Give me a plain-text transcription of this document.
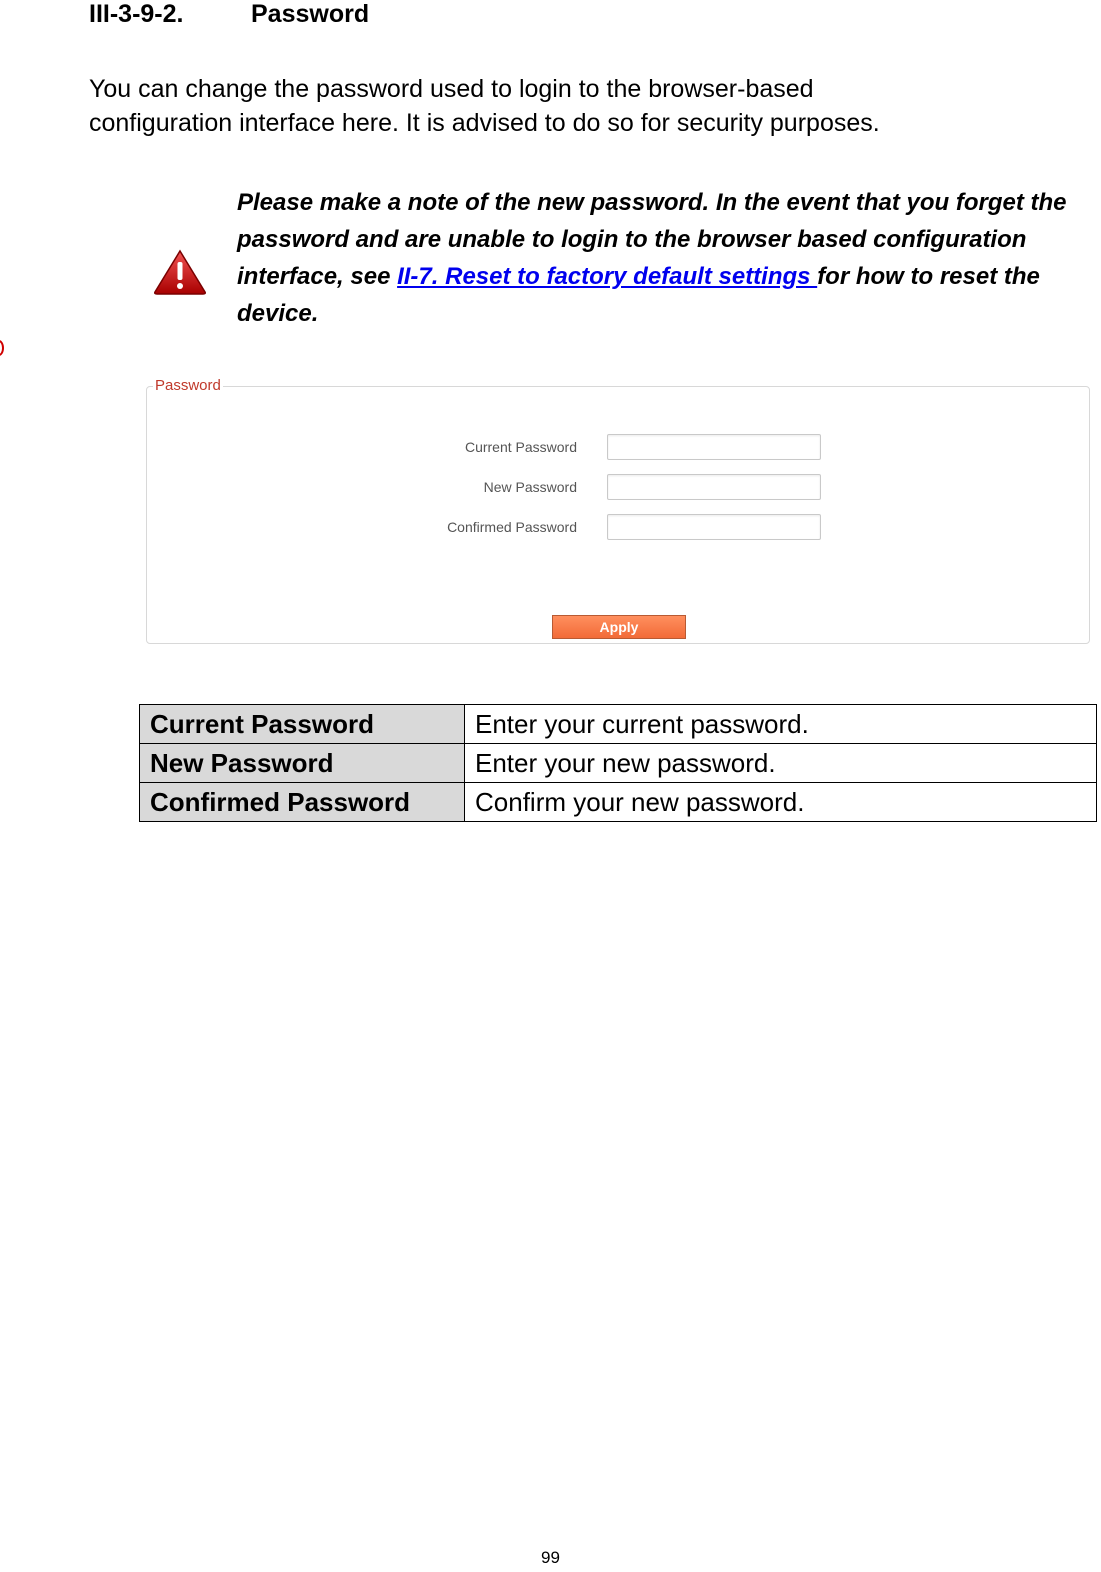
III-3-9-2.	Password
You can change the password used to login to the browser-based
configuration interface here. It is advised to do so for security purposes.
Please make a note of the new password. In the event that you forget the password and are unable to login to the browser based configuration interface, see II-7. Reset to factory default settings for how to reset the device.
Password
Current Password
New Password
Confirmed Password
Apply
Current Password	Enter your current password.
New Password	Enter your new password.
Confirmed Password	Confirm your new password.
99
